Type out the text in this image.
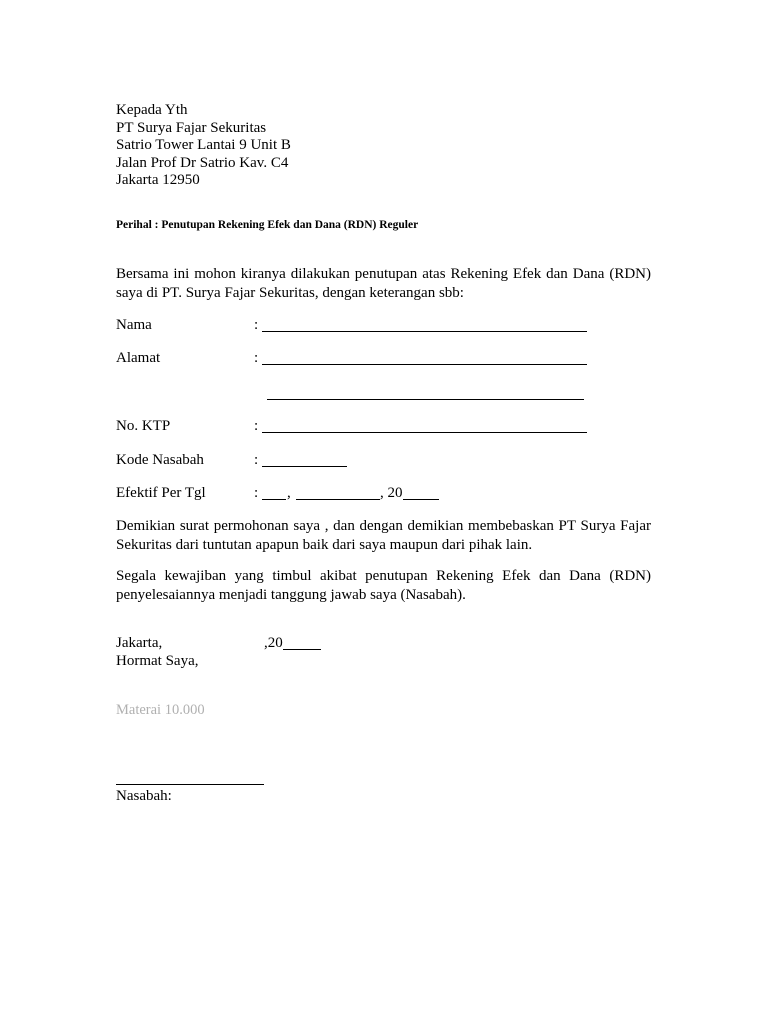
Kepada Yth
PT Surya Fajar Sekuritas
Satrio Tower Lantai 9 Unit B
Jalan Prof Dr Satrio Kav. C4
Jakarta 12950
Perihal : Penutupan Rekening Efek dan Dana (RDN) Reguler
Bersama ini mohon kiranya dilakukan penutupan atas Rekening Efek dan Dana (RDN) saya di PT. Surya Fajar Sekuritas, dengan keterangan sbb:
Nama	:
Alamat	:
No. KTP	:
Kode Nasabah	:
Efektif Per Tgl	: ,	, 20
Demikian surat permohonan saya , dan dengan demikian membebaskan PT Surya Fajar Sekuritas dari tuntutan apapun baik dari saya maupun dari pihak lain.
Segala kewajiban yang timbul akibat penutupan Rekening Efek dan Dana (RDN) penyelesaiannya menjadi tanggung jawab saya (Nasabah).
Jakarta,	,20
Hormat Saya,
Materai 10.000
Nasabah:
